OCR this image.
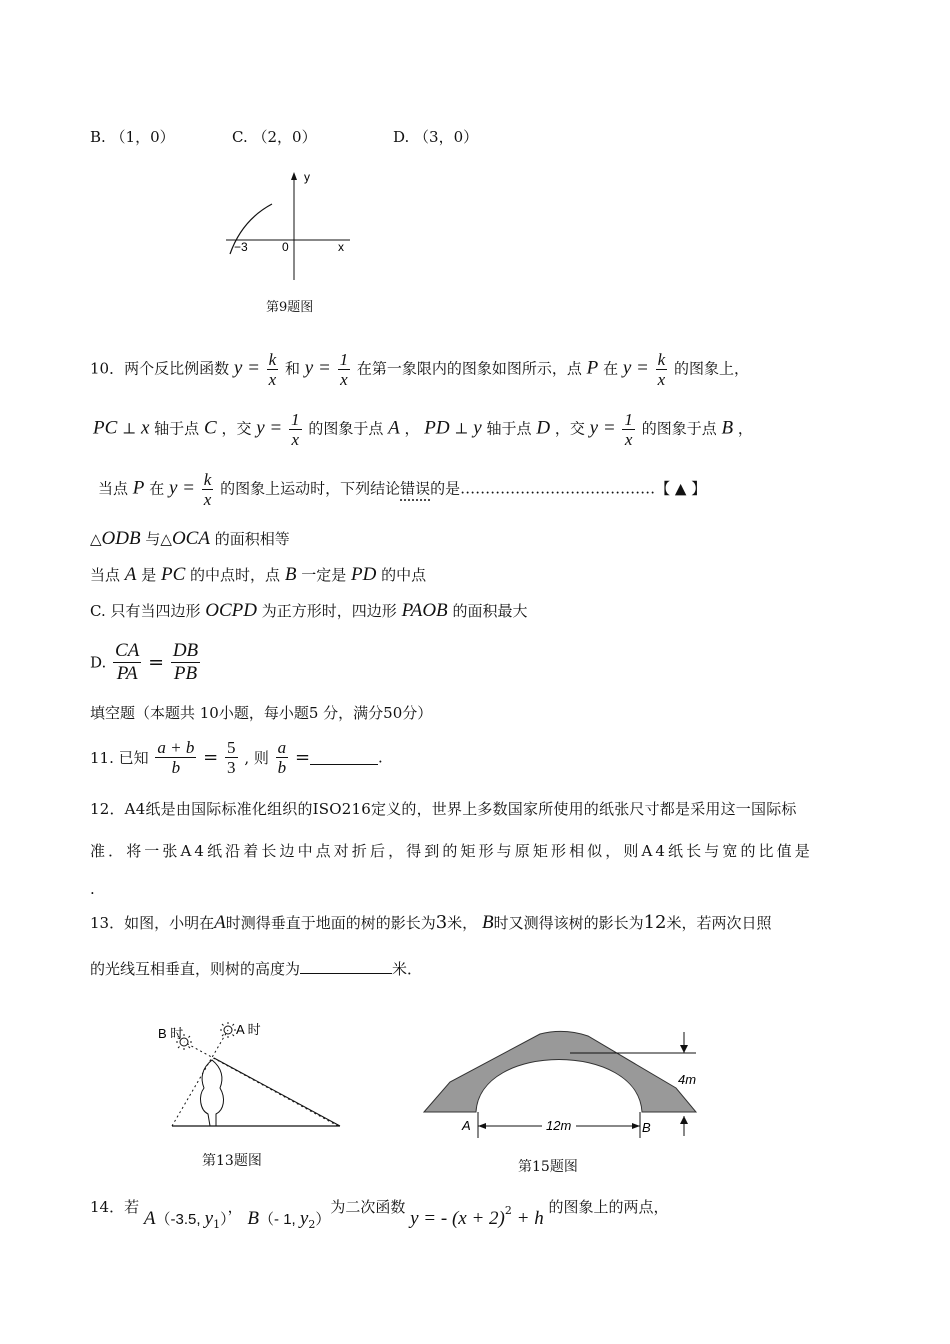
B. （1，0）	C. （2，0）	D. （3，0）
y
x
−3	0
第9题图
10．两个反比例函数 $y = \frac{k}{x}$ 和 $y = \frac{1}{x}$ 在第一象限内的图象如图所示，点 P 在 $y = \frac{k}{x}$ 的图象上，
PC ⊥ x 轴于点 C ，交 $y = \frac{1}{x}$ 的图象于点 A ， PD ⊥ y 轴于点 D ，交 $y = \frac{1}{x}$ 的图象于点 B ，
当点 P 在 $y = \frac{k}{x}$ 的图象上运动时，下列结论错误的是…………………………………【 ▲ 】
△ODB 与△OCA 的面积相等
当点 A 是 PC 的中点时，点 B 一定是 PD 的中点
C. 只有当四边形 OCPD 为正方形时，四边形 PAOB 的面积最大
D. $\frac{CA}{PA} = \frac{DB}{PB}$
填空题（本题共 10小题，每小题5 分，满分50分）
11. 已知 $\frac{a + b}{b} = \frac{5}{3}$ , 则 $\frac{a}{b}$ =	.
12．A4纸是由国际标准化组织的ISO216定义的，世界上多数国家所使用的纸张尺寸都是采用这一国际标
准．将一张A4纸沿着长边中点对折后，得到的矩形与原矩形相似，则A4纸长与宽的比值是
.
13．如图，小明在A时测得垂直于地面的树的影长为3米， B时又测得该树的影长为12米，若两次日照
的光线互相垂直，则树的高度为	米．
B 时	A 时
第13题图
4m
12m
A	B
第15题图
14．若 A（-3.5, $y_1$）， B（- 1, $y_2$）为二次函数 y = - $(x + 2)^2 + h$ 的图象上的两点，
